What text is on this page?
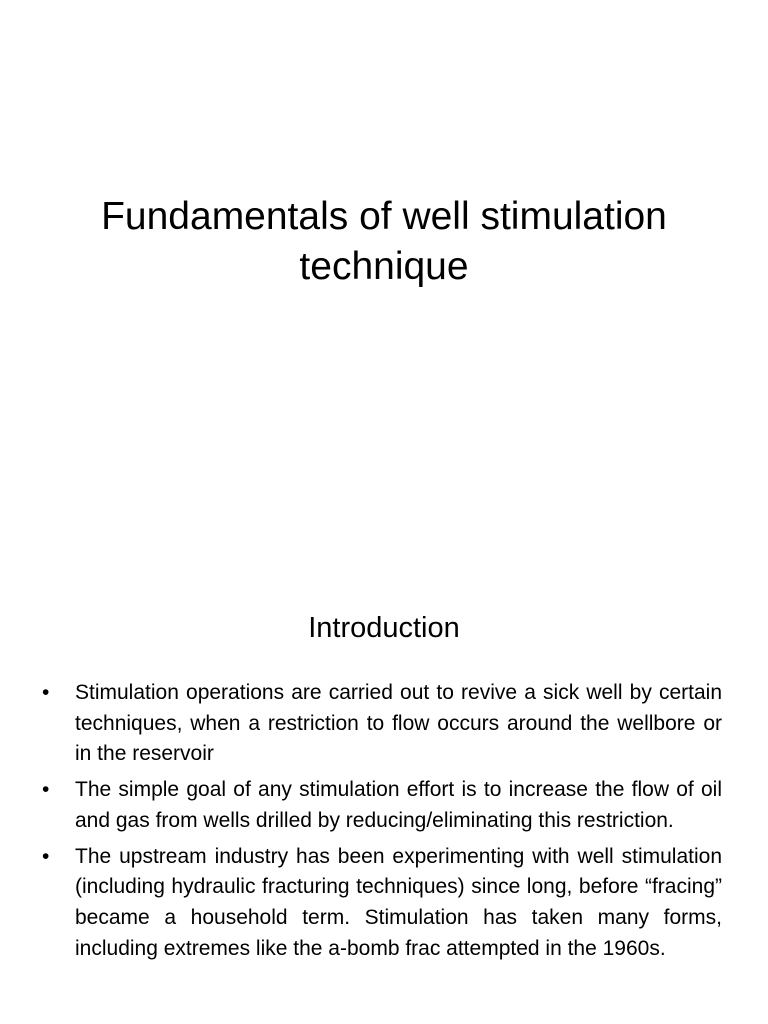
Fundamentals of well stimulation technique
Introduction
• Stimulation operations are carried out to revive a sick well by certain techniques, when a restriction to flow occurs around the wellbore or in the reservoir
• The simple goal of any stimulation effort is to increase the flow of oil and gas from wells drilled by reducing/eliminating this restriction.
• The upstream industry has been experimenting with well stimulation (including hydraulic fracturing techniques) since long, before “fracing” became a household term. Stimulation has taken many forms, including extremes like the a-bomb frac attempted in the 1960s.
